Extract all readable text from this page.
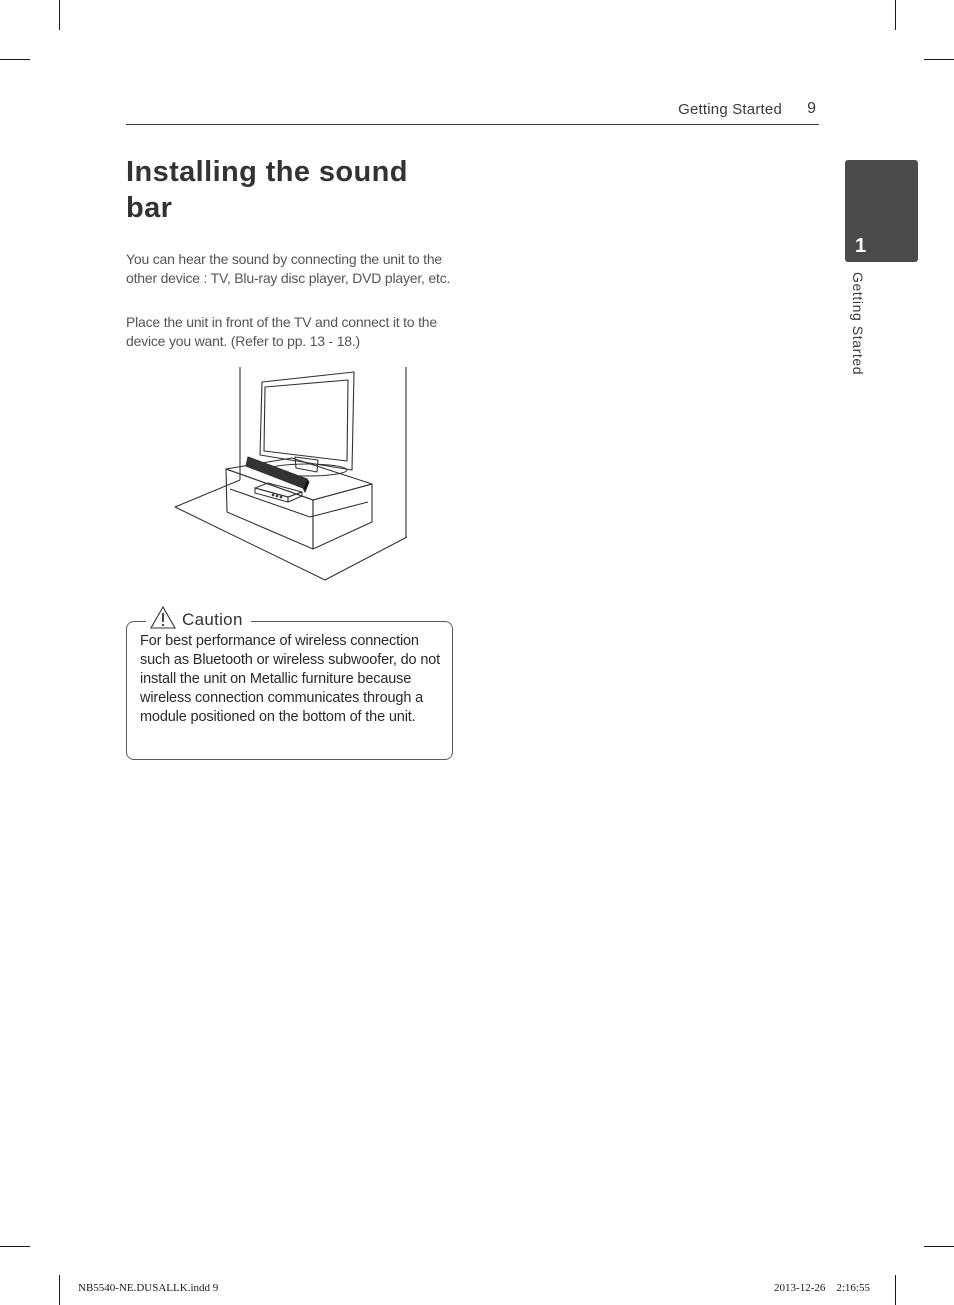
Getting Started 9
1
Getting Started
Installing the sound bar

You can hear the sound by connecting the unit to the other device : TV, Blu-ray disc player, DVD player, etc.

Place the unit in front of the TV and connect it to the device you want. (Refer to pp. 13 - 18.)

Caution

For best performance of wireless connection such as Bluetooth or wireless subwoofer, do not install the unit on Metallic furniture because wireless connection communicates through a module positioned on the bottom of the unit.

NB5540-NE.DUSALLK.indd 9	2013-12-26    2:16:55
